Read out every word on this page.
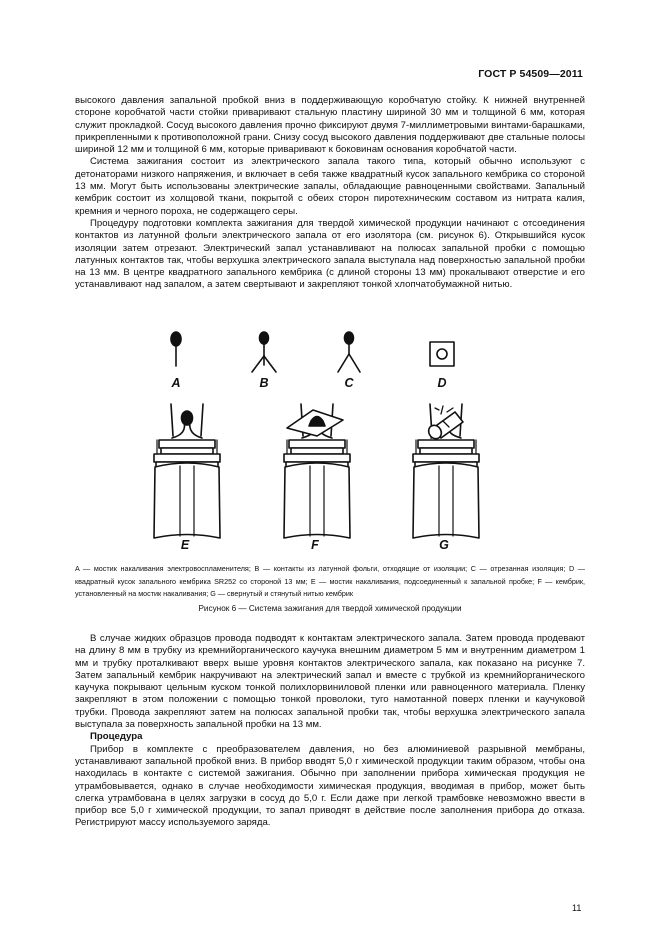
ГОСТ Р 54509—2011

высокого давления запальной пробкой вниз в поддерживающую коробчатую стойку. К нижней внутренней стороне коробчатой части стойки приваривают стальную пластину шириной 30 мм и толщиной 6 мм, которая служит прокладкой. Сосуд высокого давления прочно фиксируют двумя 7-миллиметровыми винтами-барашками, прикрепленными к противоположной грани. Снизу сосуд высокого давления поддерживают две стальные полосы шириной 12 мм и толщиной 6 мм, которые приваривают к боковинам основания коробчатой части.

Система зажигания состоит из электрического запала такого типа, который обычно используют с детонаторами низкого напряжения, и включает в себя также квадратный кусок запального кембрика со стороной 13 мм. Могут быть использованы электрические запалы, обладающие равноценными свойствами. Запальный кембрик состоит из холщовой ткани, покрытой с обеих сторон пиротехническим составом из нитрата калия, кремния и черного пороха, не содержащего серы.

Процедуру подготовки комплекта зажигания для твердой химической продукции начинают с отсоединения контактов из латунной фольги электрического запала от его изолятора (см. рисунок 6). Открывшийся кусок изоляции затем отрезают. Электрический запал устанавливают на полюсах запальной пробки с помощью латунных контактов так, чтобы верхушка электрического запала выступала над поверхностью запальной пробки на 13 мм. В центре квадратного запального кембрика (с длиной стороны 13 мм) прокалывают отверстие и его устанавливают над запалом, а затем свертывают и закрепляют тонкой хлопчатобумажной нитью.

A	B	C	D
E	F	G

A — мостик накаливания электровоспламенителя; B — контакты из латунной фольги, отходящие от изоляции; C — отрезанная изоляция; D — квадратный кусок запального кембрика SR252 со стороной 13 мм; E — мостик накаливания, подсоединенный к запальной пробке; F — кембрик, установленный на мостик накаливания; G — свернутый и стянутый нитью кембрик

Рисунок 6 — Система зажигания для твердой химической продукции

В случае жидких образцов провода подводят к контактам электрического запала. Затем провода продевают на длину 8 мм в трубку из кремнийорганического каучука внешним диаметром 5 мм и внутренним диаметром 1 мм и трубку проталкивают вверх выше уровня контактов электрического запала, как показано на рисунке 7. Затем запальный кембрик накручивают на электрический запал и вместе с трубкой из кремнийорганического каучука покрывают цельным куском тонкой полихлорвиниловой пленки или равноценного материала. Пленку закрепляют в этом положении с помощью тонкой проволоки, туго намотанной поверх пленки и каучуковой трубки. Провода закрепляют затем на полюсах запальной пробки так, чтобы верхушка электрического запала выступала за поверхность запальной пробки на 13 мм.

Процедура

Прибор в комплекте с преобразователем давления, но без алюминиевой разрывной мембраны, устанавливают запальной пробкой вниз. В прибор вводят 5,0 г химической продукции таким образом, чтобы она находилась в контакте с системой зажигания. Обычно при заполнении прибора химическая продукция не утрамбовывается, однако в случае необходимости химическая продукция, вводимая в прибор, может быть слегка утрамбована в целях загрузки в сосуд до 5,0 г. Если даже при легкой трамбовке невозможно ввести в прибор все 5,0 г химической продукции, то запал приводят в действие после заполнения прибора до отказа. Регистрируют массу используемого заряда.

11
